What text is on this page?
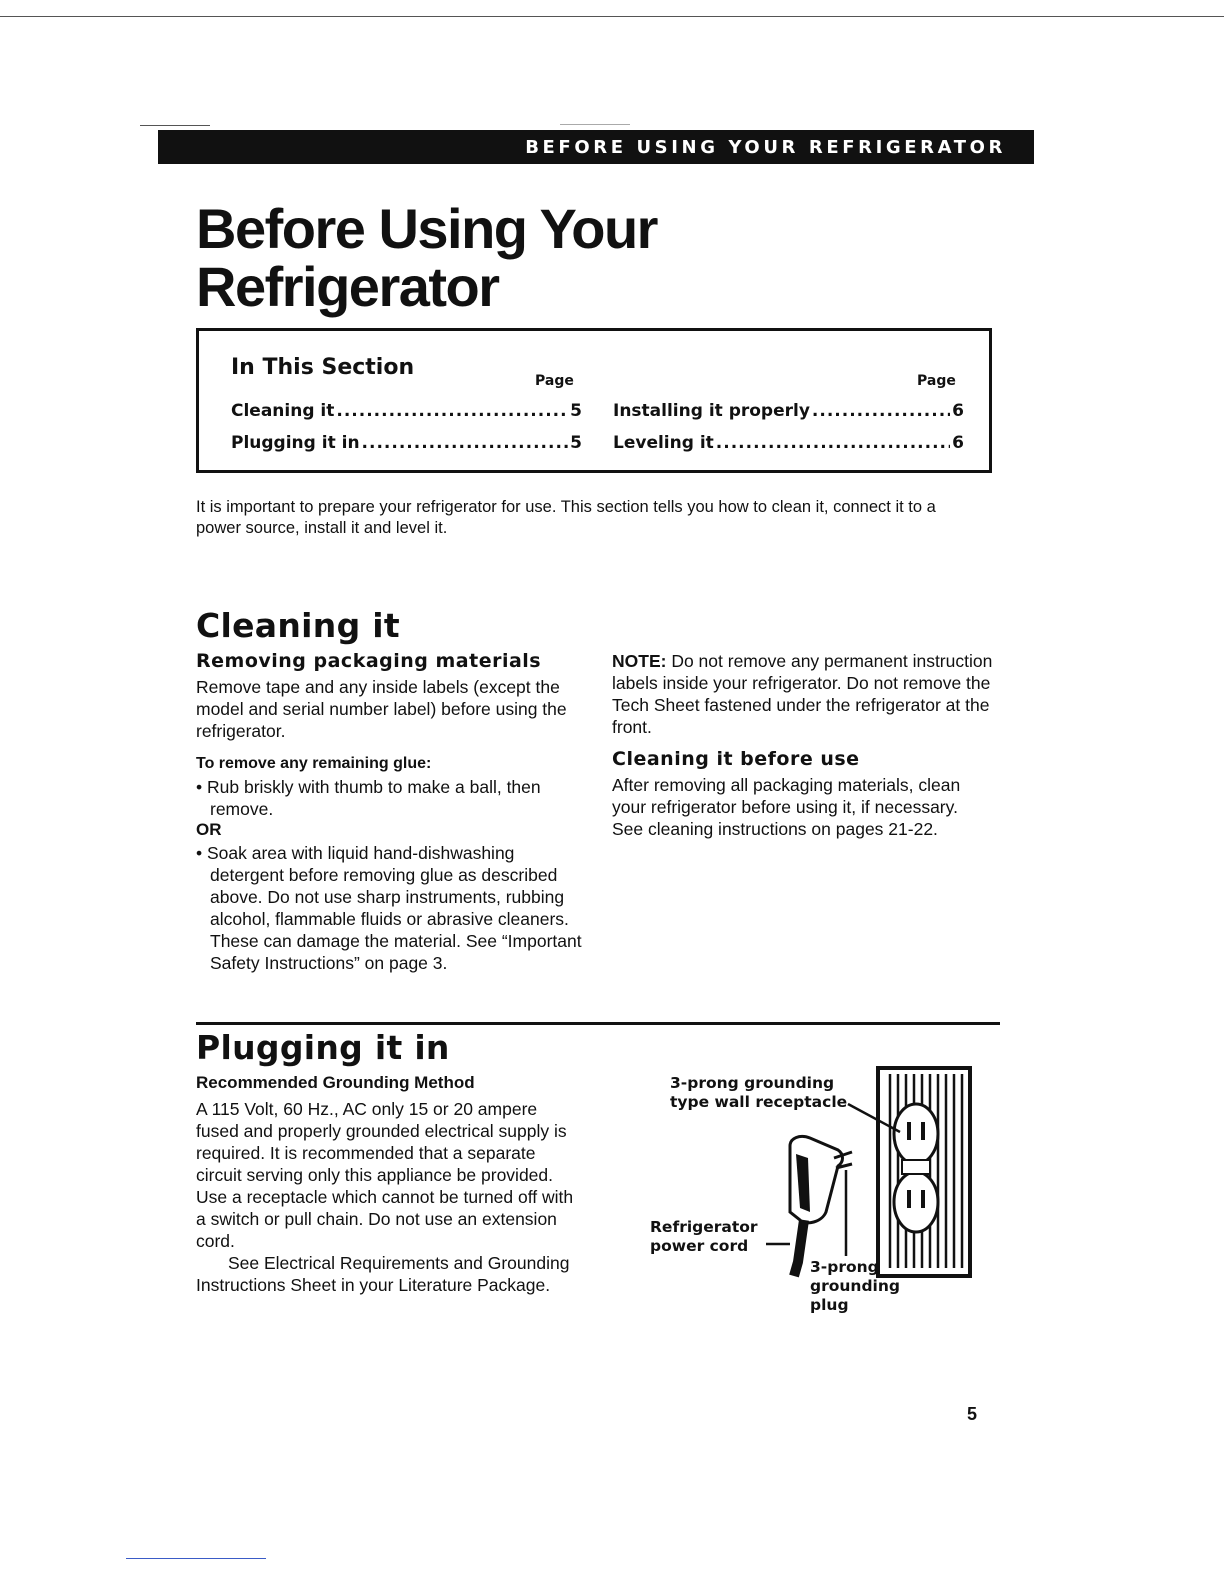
BEFORE USING YOUR REFRIGERATOR
Before Using Your
Refrigerator
In This Section
Page	Page
Cleaning it .....	5
Plugging it in .....	5
Installing it properly .....	6
Leveling it .....	6

It is important to prepare your refrigerator for use. This section tells you how to clean it, connect it to a power source, install it and level it.

Cleaning it
Removing packaging materials

Remove tape and any inside labels (except the model and serial number label) before using the refrigerator.

To remove any remaining glue:

• Rub briskly with thumb to make a ball, then remove.

OR

• Soak area with liquid hand-dishwashing detergent before removing glue as described above. Do not use sharp instruments, rubbing alcohol, flammable fluids or abrasive cleaners. These can damage the material. See “Important Safety Instructions” on page 3.

NOTE: Do not remove any permanent instruction labels inside your refrigerator. Do not remove the Tech Sheet fastened under the refrigerator at the front.

Cleaning it before use

After removing all packaging materials, clean your refrigerator before using it, if necessary. See cleaning instructions on pages 21-22.

Plugging it in

Recommended Grounding Method

A 115 Volt, 60 Hz., AC only 15 or 20 ampere fused and properly grounded electrical supply is required. It is recommended that a separate circuit serving only this appliance be provided. Use a receptacle which cannot be turned off with a switch or pull chain. Do not use an extension cord.

See Electrical Requirements and Grounding Instructions Sheet in your Literature Package.

3-prong grounding
type wall receptacle

Refrigerator
power cord

3-prong
grounding
plug

5
